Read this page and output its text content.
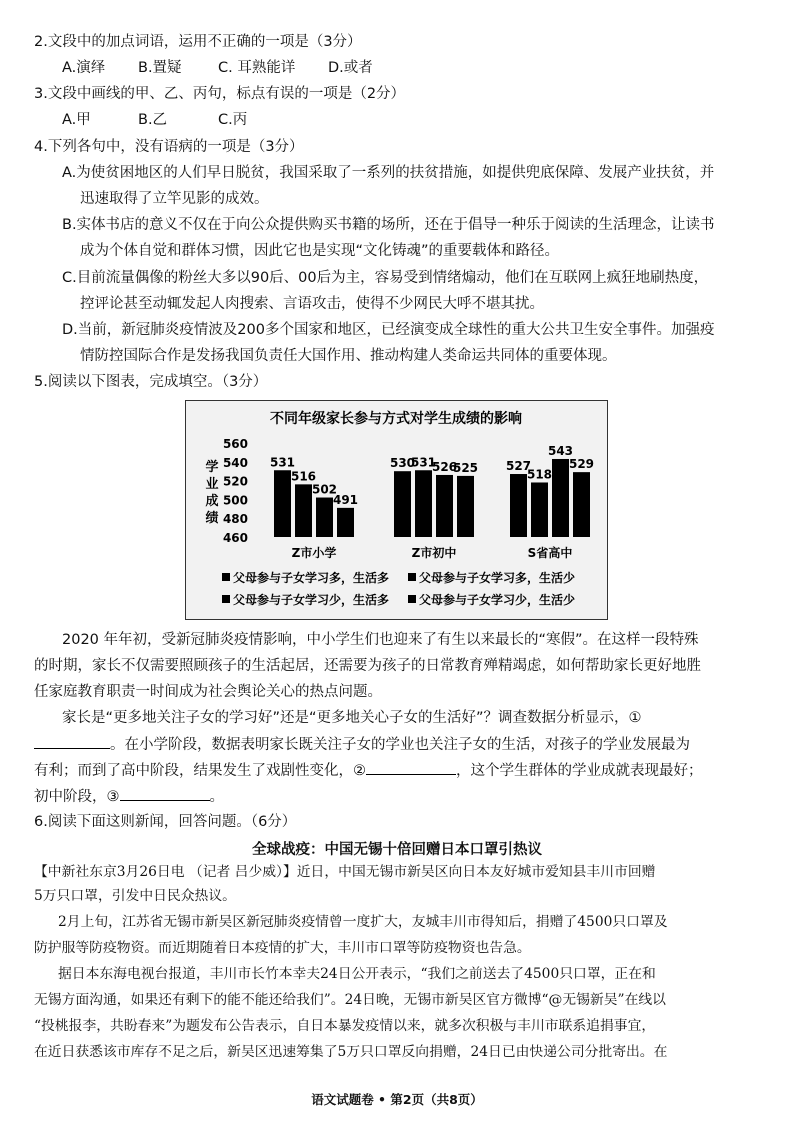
2.文段中的加点词语，运用不正确的一项是（3分）
A.演绎 B.置疑	C. 耳熟能详 D.或者
3.文段中画线的甲、乙、丙句，标点有误的一项是（2分）
A.甲	B.乙	C.丙
4.下列各句中，没有语病的一项是（3分）
A.为使贫困地区的人们早日脱贫，我国采取了一系列的扶贫措施，如提供兜底保障、发展产业扶贫，并
迅速取得了立竿见影的成效。
B.实体书店的意义不仅在于向公众提供购买书籍的场所，还在于倡导一种乐于阅读的生活理念，让读书
成为个体自觉和群体习惯，因此它也是实现“文化铸魂”的重要载体和路径。
C.目前流量偶像的粉丝大多以90后、00后为主，容易受到情绪煽动，他们在互联网上疯狂地刷热度，
控评论甚至动辄发起人肉搜索、言语攻击，使得不少网民大呼不堪其扰。
D.当前，新冠肺炎疫情波及200多个国家和地区，已经演变成全球性的重大公共卫生安全事件。加强疫
情防控国际合作是发扬我国负责任大国作用、推动构建人类命运共同体的重要体现。
5.阅读以下图表，完成填空。（3分）
不同年级家长参与方式对学生成绩的影响
学
业
成
绩
460
480
500
520
540
560
531
516
502
491
530
531
526
525 527
518
543
529
Z市小学	Z市初中	S省高中
父母参与子女学习多，生活多 父母参与子女学习多，生活少
父母参与子女学习少，生活多 父母参与子女学习少，生活少
2020 年年初，受新冠肺炎疫情影响，中小学生们也迎来了有生以来最长的“寒假”。在这样一段特殊
的时期，家长不仅需要照顾孩子的生活起居，还需要为孩子的日常教育殚精竭虑，如何帮助家长更好地胜
任家庭教育职责一时间成为社会舆论关心的热点问题。
家长是“更多地关注子女的学习好”还是“更多地关心子女的生活好”？调查数据分析显示，①
。在小学阶段，数据表明家长既关注子女的学业也关注子女的生活，对孩子的学业发展最为
有利；而到了高中阶段，结果发生了戏剧性变化，②	，这个学生群体的学业成就表现最好；
初中阶段，③	。
6.阅读下面这则新闻，回答问题。（6分）
全球战疫：中国无锡十倍回赠日本口罩引热议
【中新社东京3月26日电 （记者 吕少威）】近日，中国无锡市新吴区向日本友好城市爱知县丰川市回赠
5万只口罩，引发中日民众热议。
2月上旬，江苏省无锡市新吴区新冠肺炎疫情曾一度扩大，友城丰川市得知后，捐赠了4500只口罩及
防护服等防疫物资。而近期随着日本疫情的扩大，丰川市口罩等防疫物资也告急。
据日本东海电视台报道，丰川市长竹本幸夫24日公开表示，“我们之前送去了4500只口罩，正在和
无锡方面沟通，如果还有剩下的能不能还给我们”。24日晚，无锡市新吴区官方微博“@无锡新吴”在线以
“投桃报李，共盼春来”为题发布公告表示，自日本暴发疫情以来，就多次积极与丰川市联系追捐事宜，
在近日获悉该市库存不足之后，新吴区迅速筹集了5万只口罩反向捐赠，24日已由快递公司分批寄出。在
语文试题卷 • 第2页（共8页）
